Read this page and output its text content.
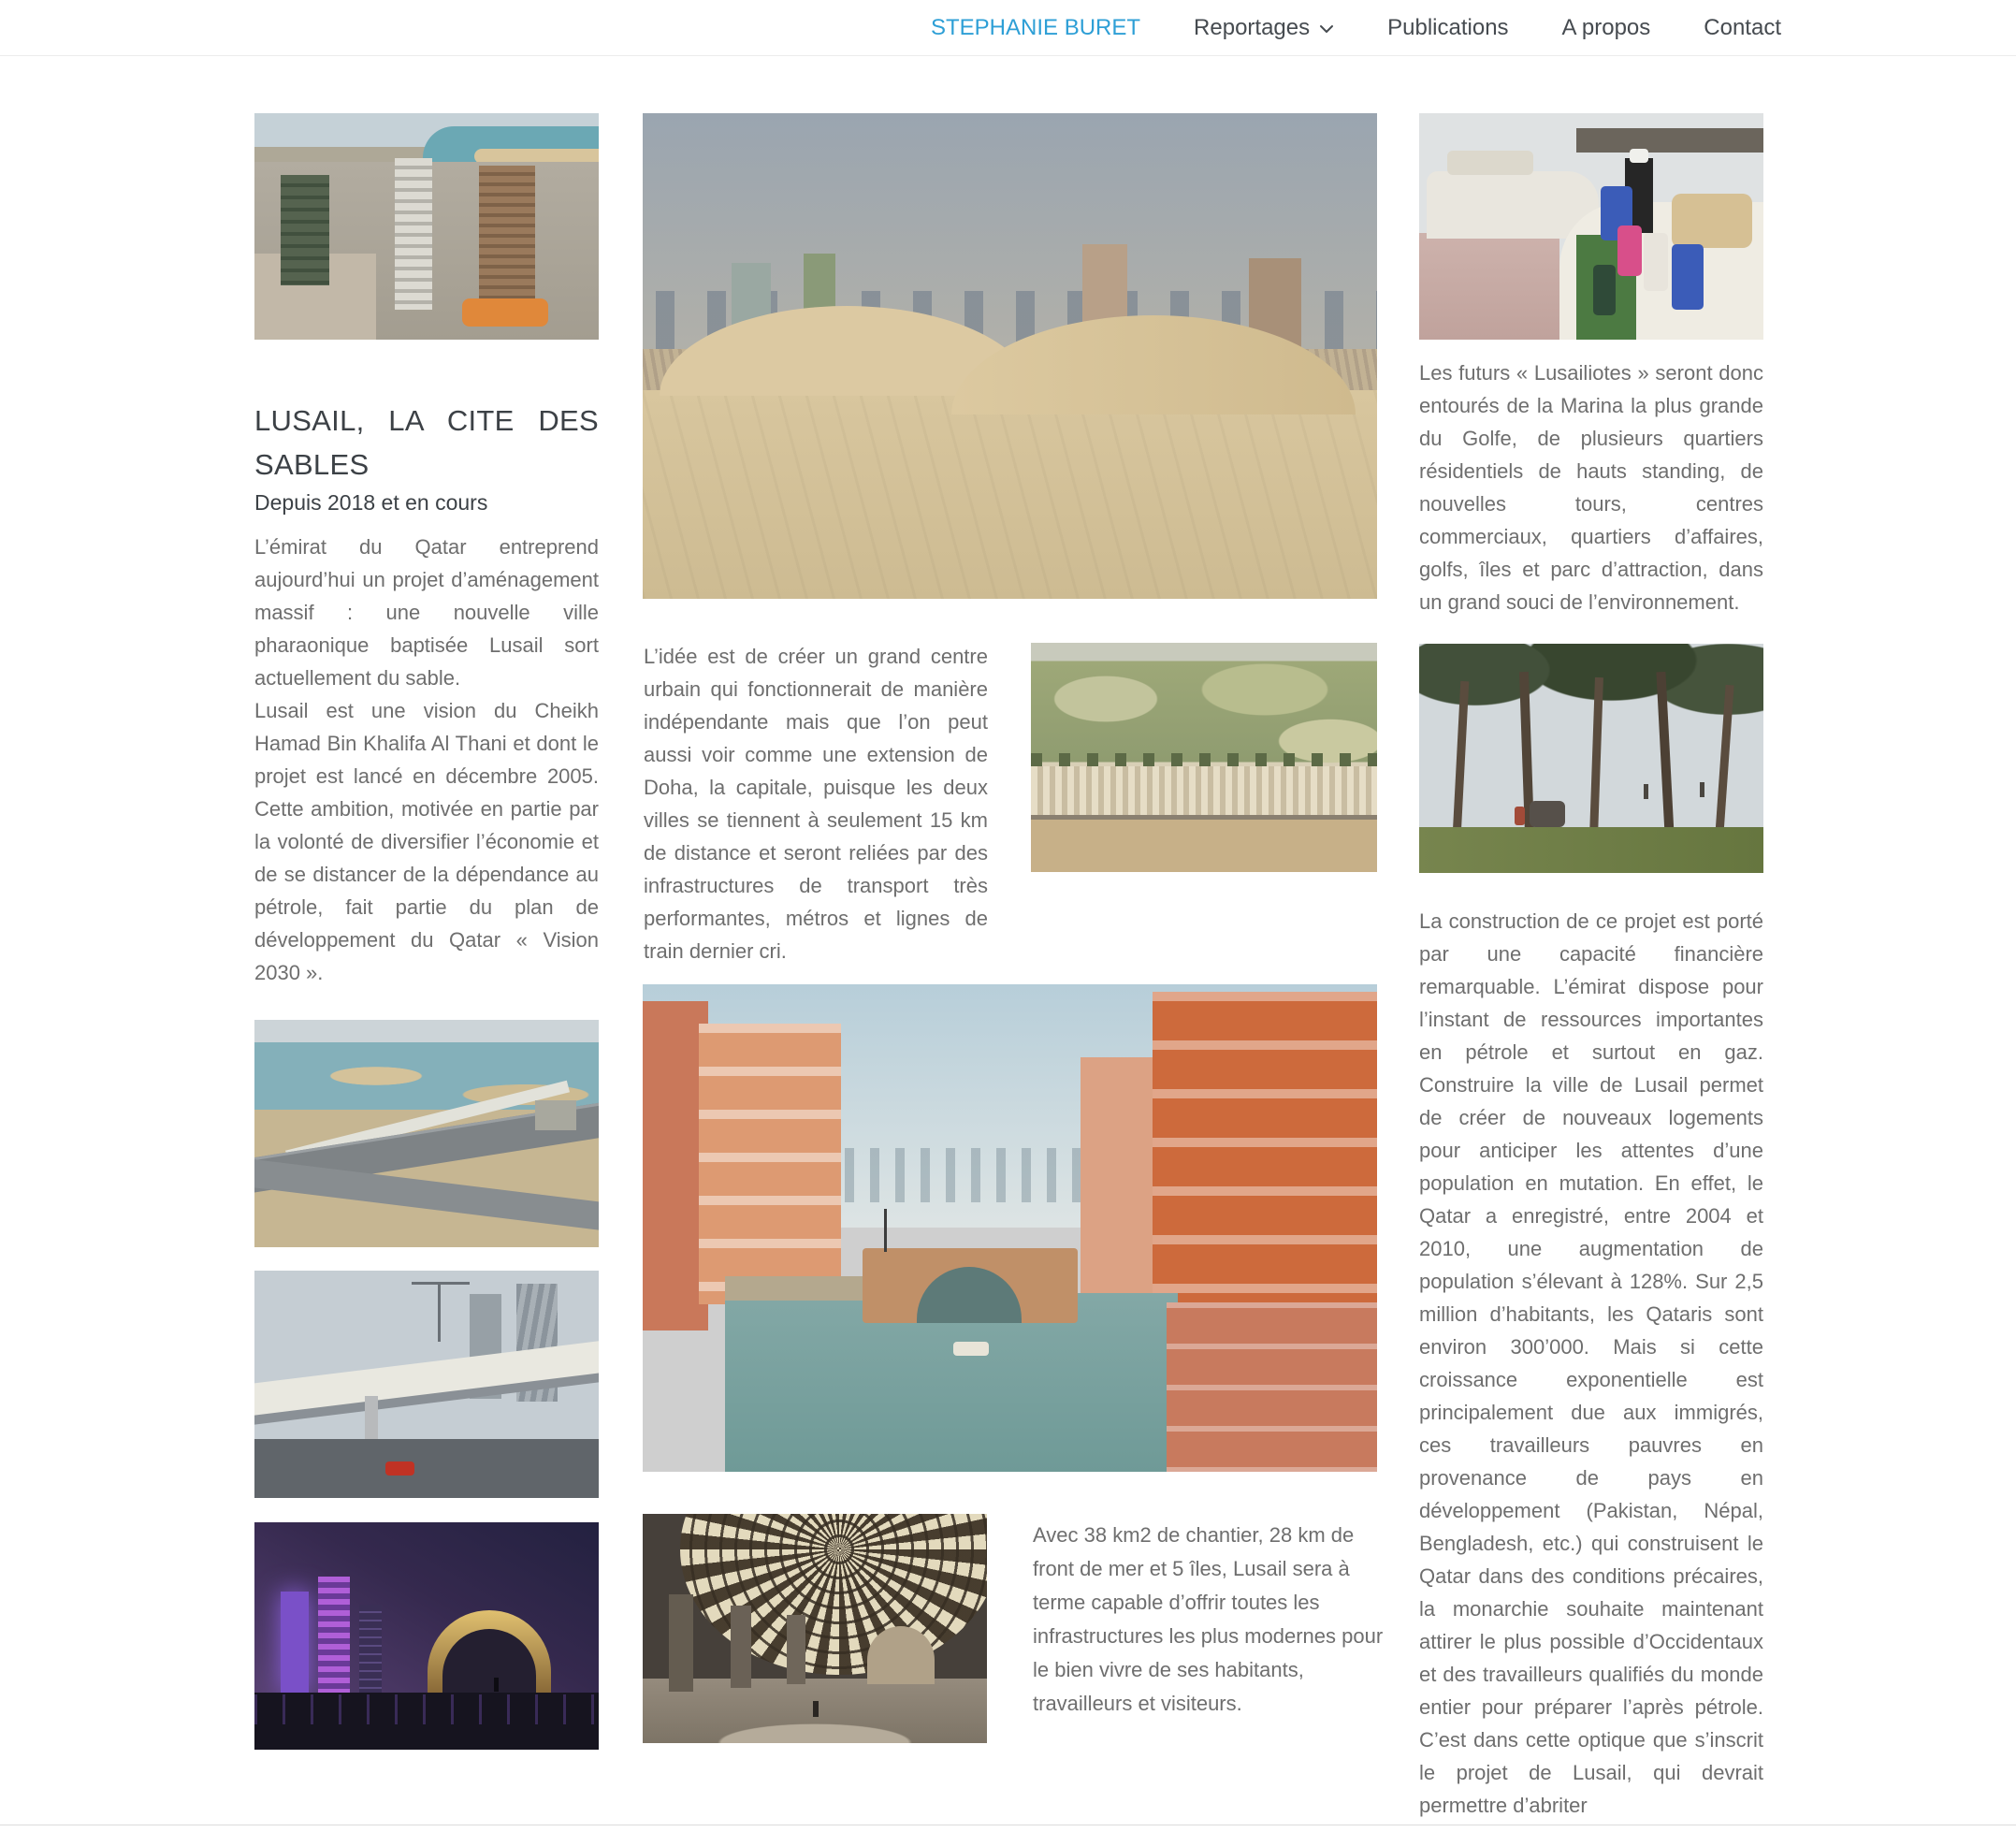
STEPHANIE BURET Reportages	Publications A propos Contact
LUSAIL, LA CITE DES SABLES
Depuis 2018 et en cours

L’émirat du Qatar entreprend aujourd’hui un projet d’aménagement massif : une nouvelle ville pharaonique baptisée Lusail sort actuellement du sable.

Lusail est une vision du Cheikh Hamad Bin Khalifa Al Thani et dont le projet est lancé en décembre 2005. Cette ambition, motivée en partie par la volonté de diversifier l’économie et de se distancer de la dépendance au pétrole, fait partie du plan de développement du Qatar « Vision 2030 ».

L’idée est de créer un grand centre urbain qui fonctionnerait de manière indépendante mais que l’on peut aussi voir comme une extension de Doha, la capitale, puisque les deux villes se tiennent à seulement 15 km de distance et seront reliées par des infrastructures de transport très performantes, métros et lignes de train dernier cri.
Avec 38 km2 de chantier, 28 km de front de mer et 5 îles, Lusail sera à terme capable d’offrir toutes les infrastructures les plus modernes pour le bien vivre de ses habitants, travailleurs et visiteurs.
Les futurs « Lusailiotes » seront donc entourés de la Marina la plus grande du Golfe, de plusieurs quartiers résidentiels de hauts standing, de nouvelles tours, centres commerciaux, quartiers d’affaires, golfs, îles et parc d’attraction, dans un grand souci de l’environnement.
La construction de ce projet est porté par une capacité financière remarquable. L’émirat dispose pour l’instant de ressources importantes en pétrole et surtout en gaz. Construire la ville de Lusail permet de créer de nouveaux logements pour anticiper les attentes d’une population en mutation. En effet, le Qatar a enregistré, entre 2004 et 2010, une augmentation de population s’élevant à 128%. Sur 2,5 million d’habitants, les Qataris sont environ 300’000. Mais si cette croissance exponentielle est principalement due aux immigrés, ces travailleurs pauvres en provenance de pays en développement (Pakistan, Népal, Bengladesh, etc.) qui construisent le Qatar dans des conditions précaires, la monarchie souhaite maintenant attirer le plus possible d’Occidentaux et des travailleurs qualifiés du monde entier pour préparer l’après pétrole. C’est dans cette optique que s’inscrit le projet de Lusail, qui devrait permettre d’abriter
